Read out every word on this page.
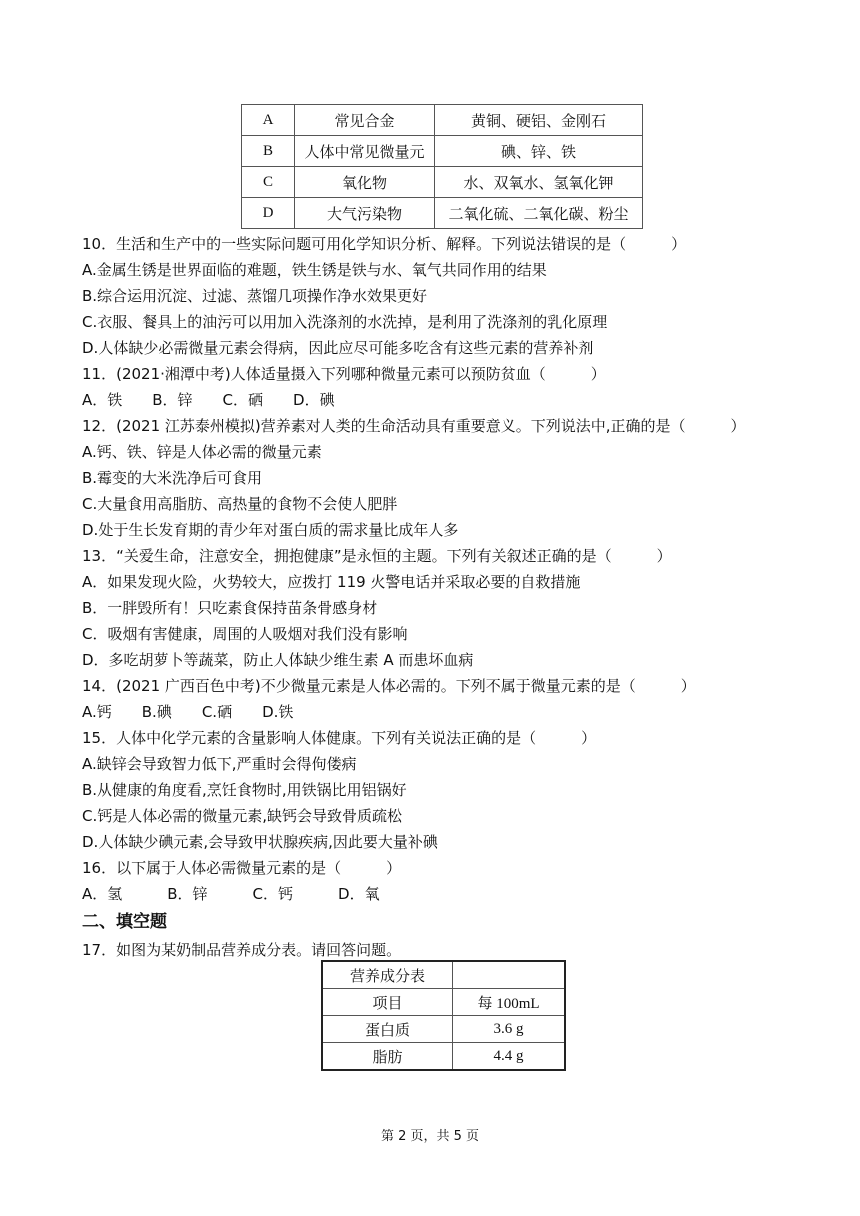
A	常见合金	黄铜、硬铝、金刚石
B	人体中常见微量元	碘、锌、铁
C	氧化物	水、双氧水、氢氧化钾
D	大气污染物	二氧化硫、二氧化碳、粉尘
10．生活和生产中的一些实际问题可用化学知识分析、解释。下列说法错误的是（　　　）
A.金属生锈是世界面临的难题，铁生锈是铁与水、氧气共同作用的结果
B.综合运用沉淀、过滤、蒸馏几项操作净水效果更好
C.衣服、餐具上的油污可以用加入洗涤剂的水洗掉，是利用了洗涤剂的乳化原理
D.人体缺少必需微量元素会得病，因此应尽可能多吃含有这些元素的营养补剂
11．(2021·湘潭中考)人体适量摄入下列哪种微量元素可以预防贫血（　　　）
A．铁　　B．锌　　C．硒　　D．碘
12．(2021 江苏泰州模拟)营养素对人类的生命活动具有重要意义。下列说法中,正确的是（　　　）
A.钙、铁、锌是人体必需的微量元素
B.霉变的大米洗净后可食用
C.大量食用高脂肪、高热量的食物不会使人肥胖
D.处于生长发育期的青少年对蛋白质的需求量比成年人多
13．“关爱生命，注意安全，拥抱健康”是永恒的主题。下列有关叙述正确的是（　　　）
A．如果发现火险，火势较大，应拨打 119 火警电话并采取必要的自救措施
B．一胖毁所有！只吃素食保持苗条骨感身材
C．吸烟有害健康，周围的人吸烟对我们没有影响
D．多吃胡萝卜等蔬菜，防止人体缺少维生素 A 而患坏血病
14．(2021 广西百色中考)不少微量元素是人体必需的。下列不属于微量元素的是（　　　）
A.钙　　B.碘　　C.硒　　D.铁
15．人体中化学元素的含量影响人体健康。下列有关说法正确的是（　　　）
A.缺锌会导致智力低下,严重时会得佝偻病
B.从健康的角度看,烹饪食物时,用铁锅比用铝锅好
C.钙是人体必需的微量元素,缺钙会导致骨质疏松
D.人体缺少碘元素,会导致甲状腺疾病,因此要大量补碘
16．以下属于人体必需微量元素的是（　　　）
A．氢　　　B．锌　　　C．钙　　　D．氧
二、填空题
17．如图为某奶制品营养成分表。请回答问题。
营养成分表	
项目	每 100mL
蛋白质	3.6 g
脂肪	4.4 g
第 2 页，共 5 页
